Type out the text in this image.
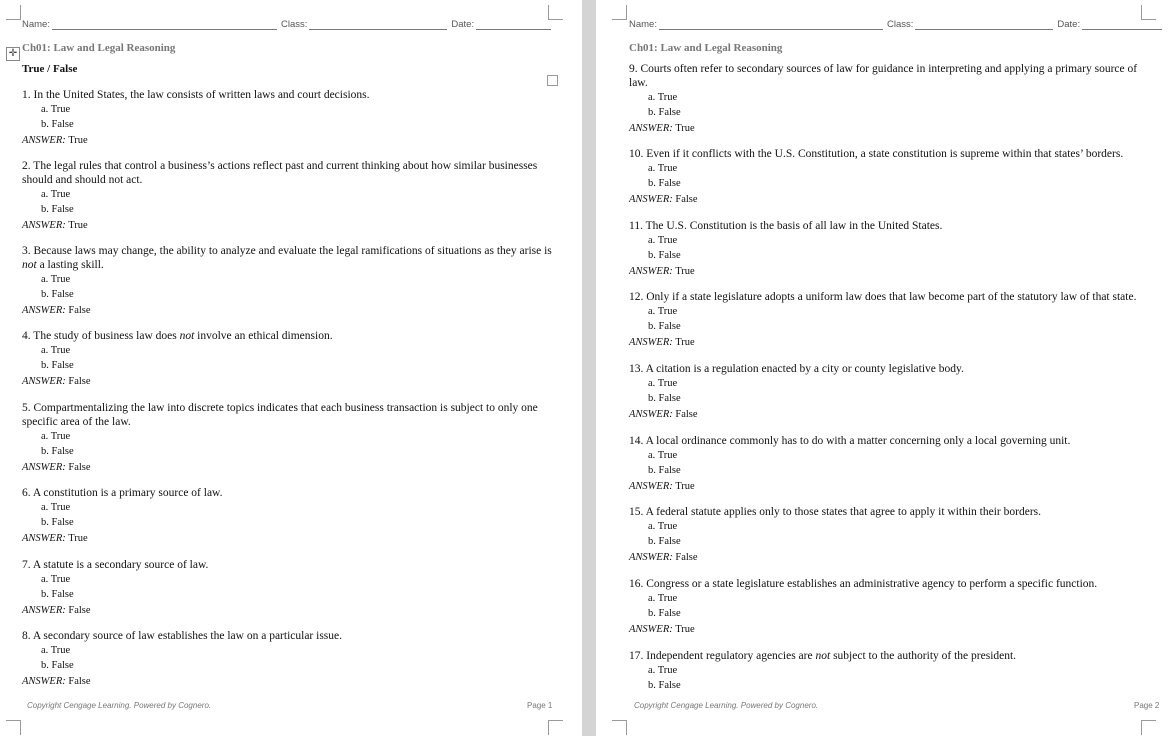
Name:	Class:	Date:
✛ Ch01: Law and Legal Reasoning
True / False

1. In the United States, the law consists of written laws and court decisions.

a. True
b. False
ANSWER: True

2. The legal rules that control a business’s actions reflect past and current thinking about how similar businesses should and should not act.

a. True
b. False
ANSWER: True

3. Because laws may change, the ability to analyze and evaluate the legal ramifications of situations as they arise is not a lasting skill.

a. True
b. False
ANSWER: False

4. The study of business law does not involve an ethical dimension.

a. True
b. False
ANSWER: False

5. Compartmentalizing the law into discrete topics indicates that each business transaction is subject to only one specific area of the law.

a. True
b. False
ANSWER: False

6. A constitution is a primary source of law.

a. True
b. False
ANSWER: True

7. A statute is a secondary source of law.

a. True
b. False
ANSWER: False

8. A secondary source of law establishes the law on a particular issue.

a. True
b. False
ANSWER: False
Copyright Cengage Learning. Powered by Cognero.	Page 1
Name:	Class:	Date:
Ch01: Law and Legal Reasoning

9. Courts often refer to secondary sources of law for guidance in interpreting and applying a primary source of law.

a. True
b. False
ANSWER: True

10. Even if it conflicts with the U.S. Constitution, a state constitution is supreme within that states’ borders.

a. True
b. False
ANSWER: False

11. The U.S. Constitution is the basis of all law in the United States.

a. True
b. False
ANSWER: True

12. Only if a state legislature adopts a uniform law does that law become part of the statutory law of that state.

a. True
b. False
ANSWER: True

13. A citation is a regulation enacted by a city or county legislative body.

a. True
b. False
ANSWER: False

14. A local ordinance commonly has to do with a matter concerning only a local governing unit.

a. True
b. False
ANSWER: True

15. A federal statute applies only to those states that agree to apply it within their borders.

a. True
b. False
ANSWER: False

16. Congress or a state legislature establishes an administrative agency to perform a specific function.

a. True
b. False
ANSWER: True

17. Independent regulatory agencies are not subject to the authority of the president.

a. True
b. False
Copyright Cengage Learning. Powered by Cognero.	Page 2
